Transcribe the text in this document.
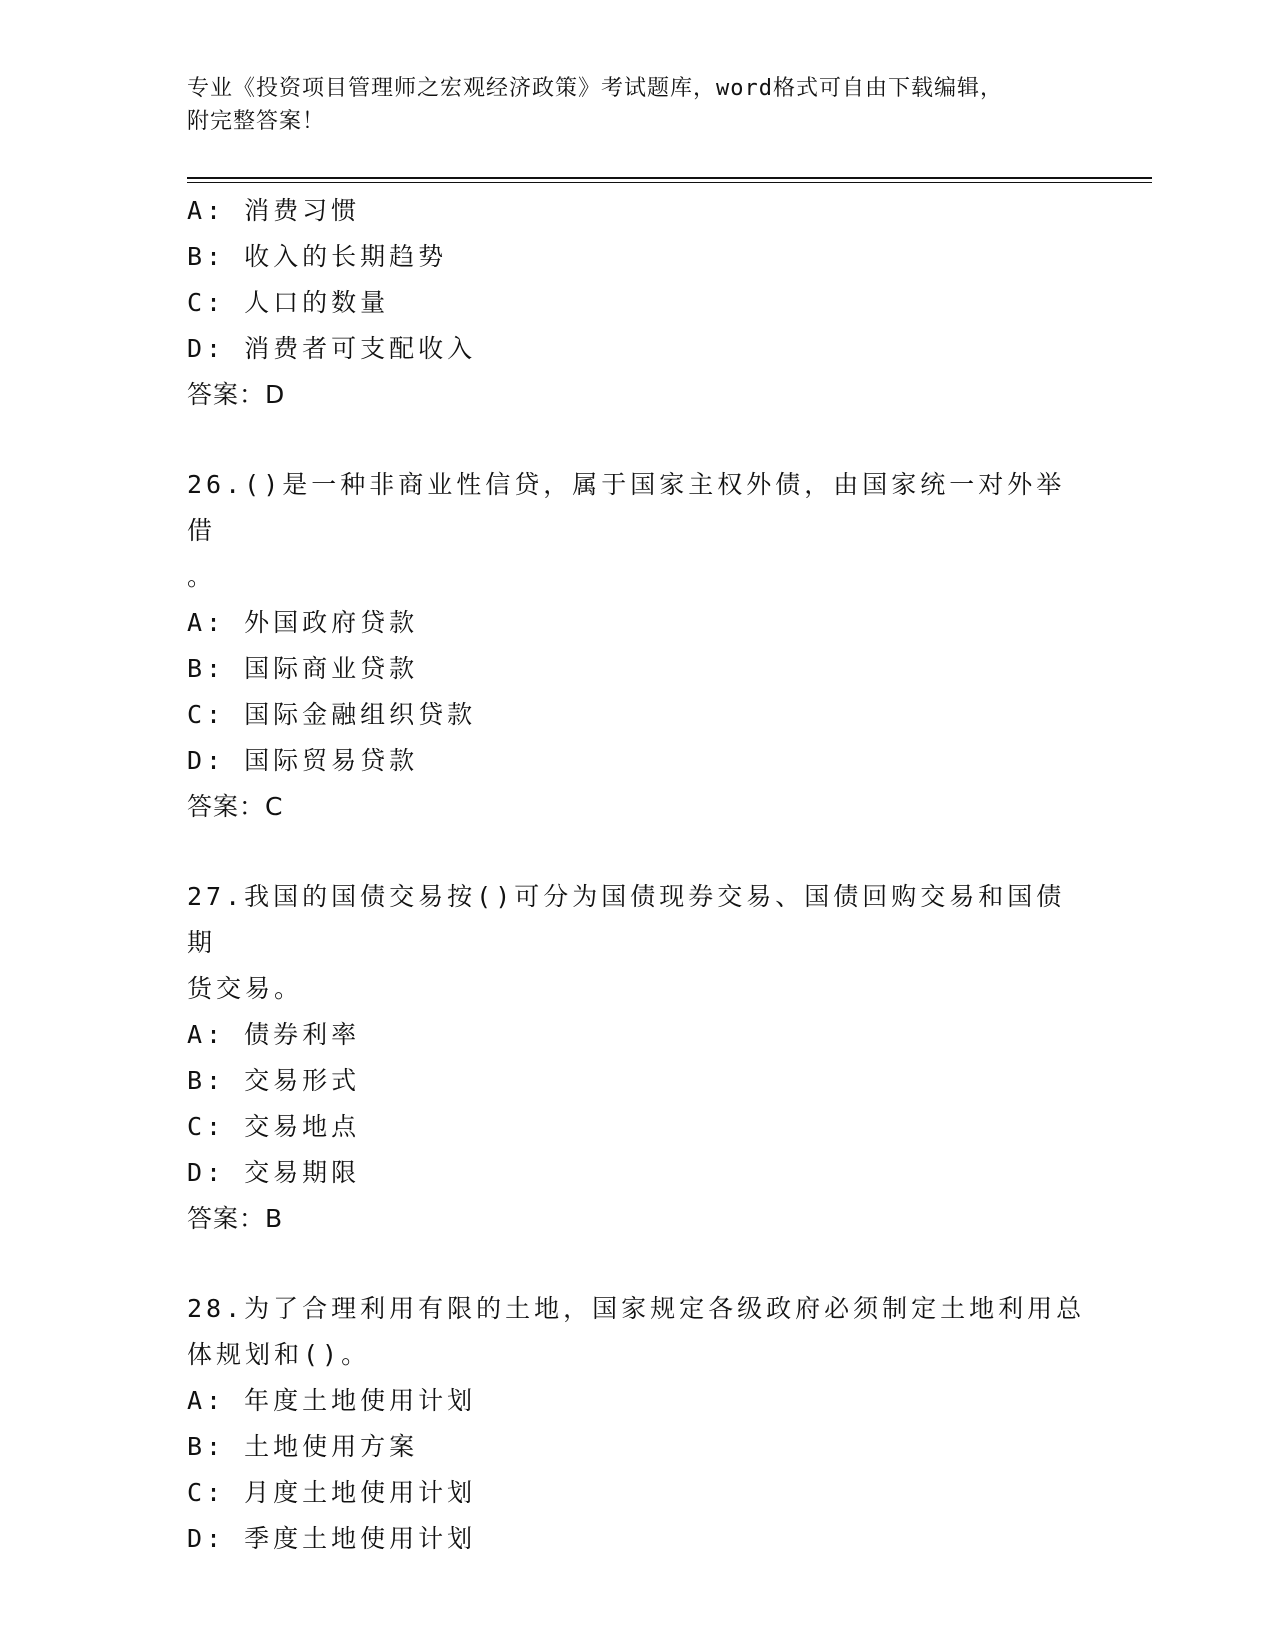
专业《投资项目管理师之宏观经济政策》考试题库，word格式可自由下载编辑，
附完整答案！
A: 消费习惯
B: 收入的长期趋势
C: 人口的数量
D: 消费者可支配收入
答案：D
26.()是一种非商业性信贷，属于国家主权外债，由国家统一对外举借
。
A: 外国政府贷款
B: 国际商业贷款
C: 国际金融组织贷款
D: 国际贸易贷款
答案：C
27.我国的国债交易按()可分为国债现券交易、国债回购交易和国债期
货交易。
A: 债券利率
B: 交易形式
C: 交易地点
D: 交易期限
答案：B
28.为了合理利用有限的土地，国家规定各级政府必须制定土地利用总
体规划和()。
A: 年度土地使用计划
B: 土地使用方案
C: 月度土地使用计划
D: 季度土地使用计划
